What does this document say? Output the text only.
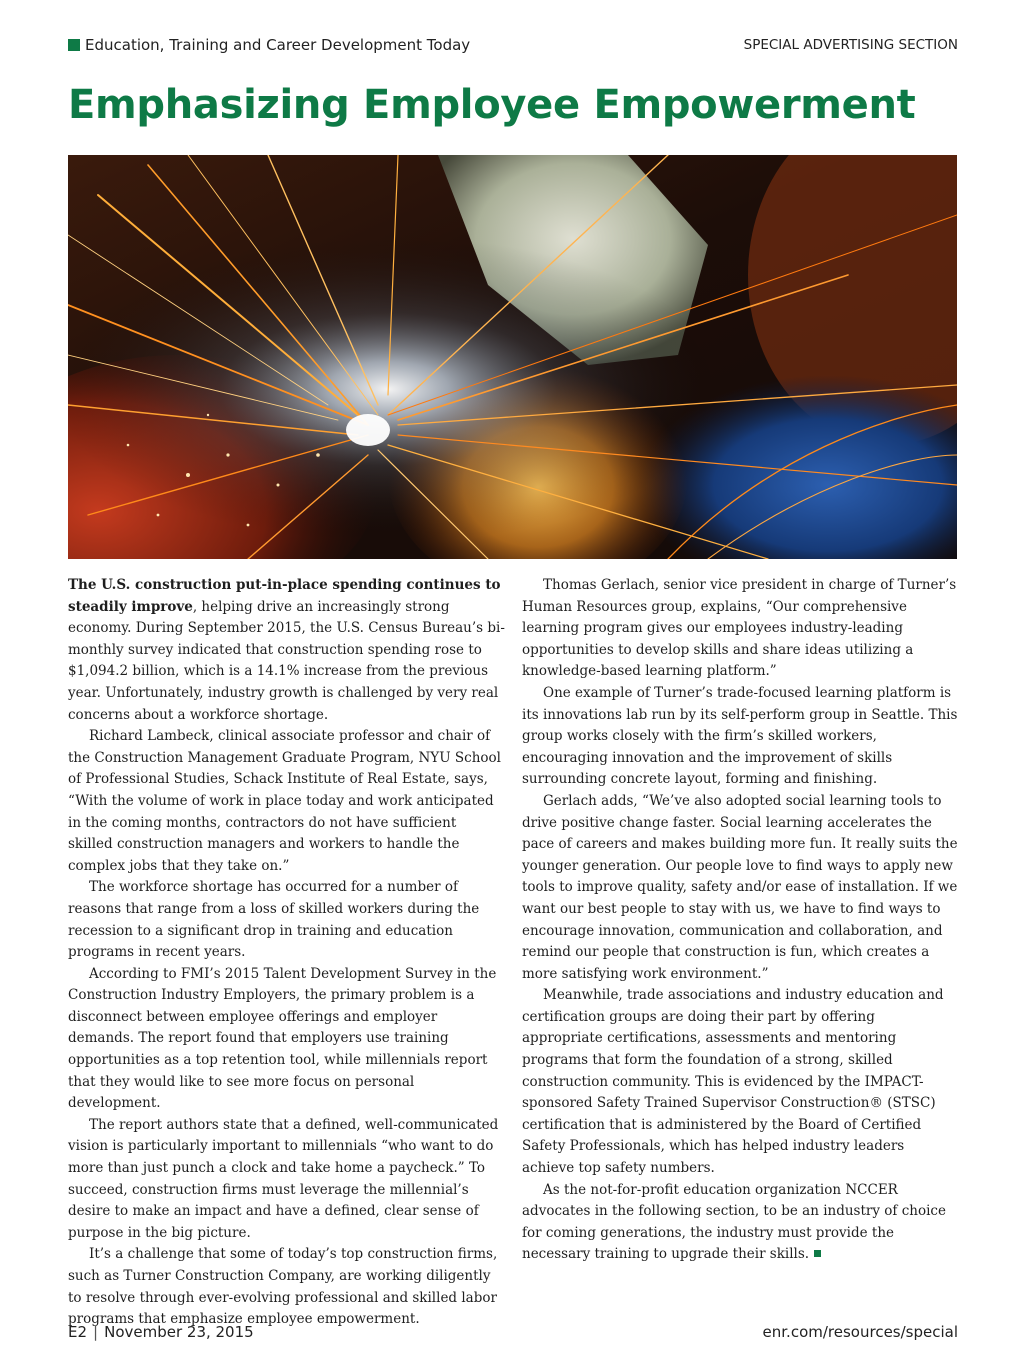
Education, Training and Career Development Today	SPECIAL ADVERTISING SECTION
Emphasizing Employee Empowerment

The U.S. construction put-in-place spending continues to steadily improve, helping drive an increasingly strong economy. During September 2015, the U.S. Census Bureau’s bi-monthly survey indicated that construction spending rose to $1,094.2 billion, which is a 14.1% increase from the previous year. Unfortunately, industry growth is challenged by very real concerns about a workforce shortage.

Richard Lambeck, clinical associate professor and chair of the Construction Management Graduate Program, NYU School of Professional Studies, Schack Institute of Real Estate, says, “With the volume of work in place today and work anticipated in the coming months, contractors do not have sufficient skilled construction managers and workers to handle the complex jobs that they take on.”

The workforce shortage has occurred for a number of reasons that range from a loss of skilled workers during the recession to a significant drop in training and education programs in recent years.

According to FMI’s 2015 Talent Development Survey in the Construction Industry Employers, the primary problem is a disconnect between employee offerings and employer demands. The report found that employers use training opportunities as a top retention tool, while millennials report that they would like to see more focus on personal development.

The report authors state that a defined, well-communicated vision is particularly important to millennials “who want to do more than just punch a clock and take home a paycheck.” To succeed, construction firms must leverage the millennial’s desire to make an impact and have a defined, clear sense of purpose in the big picture.

It’s a challenge that some of today’s top construction firms, such as Turner Construction Company, are working diligently to resolve through ever-evolving professional and skilled labor programs that emphasize employee empowerment.

Thomas Gerlach, senior vice president in charge of Turner’s Human Resources group, explains, “Our comprehensive learning program gives our employees industry-leading opportunities to develop skills and share ideas utilizing a knowledge-based learning platform.”

One example of Turner’s trade-focused learning platform is its innovations lab run by its self-perform group in Seattle. This group works closely with the firm’s skilled workers, encouraging innovation and the improvement of skills surrounding concrete layout, forming and finishing.

Gerlach adds, “We’ve also adopted social learning tools to drive positive change faster. Social learning accelerates the pace of careers and makes building more fun. It really suits the younger generation. Our people love to find ways to apply new tools to improve quality, safety and/or ease of installation. If we want our best people to stay with us, we have to find ways to encourage innovation, communication and collaboration, and remind our people that construction is fun, which creates a more satisfying work environment.”

Meanwhile, trade associations and industry education and certification groups are doing their part by offering appropriate certifications, assessments and mentoring programs that form the foundation of a strong, skilled construction community. This is evidenced by the IMPACT-sponsored Safety Trained Supervisor Construction® (STSC) certification that is administered by the Board of Certified Safety Professionals, which has helped industry leaders achieve top safety numbers.

As the not-for-profit education organization NCCER advocates in the following section, to be an industry of choice for coming generations, the industry must provide the necessary training to upgrade their skills.

E2 | November 23, 2015	enr.com/resources/special
